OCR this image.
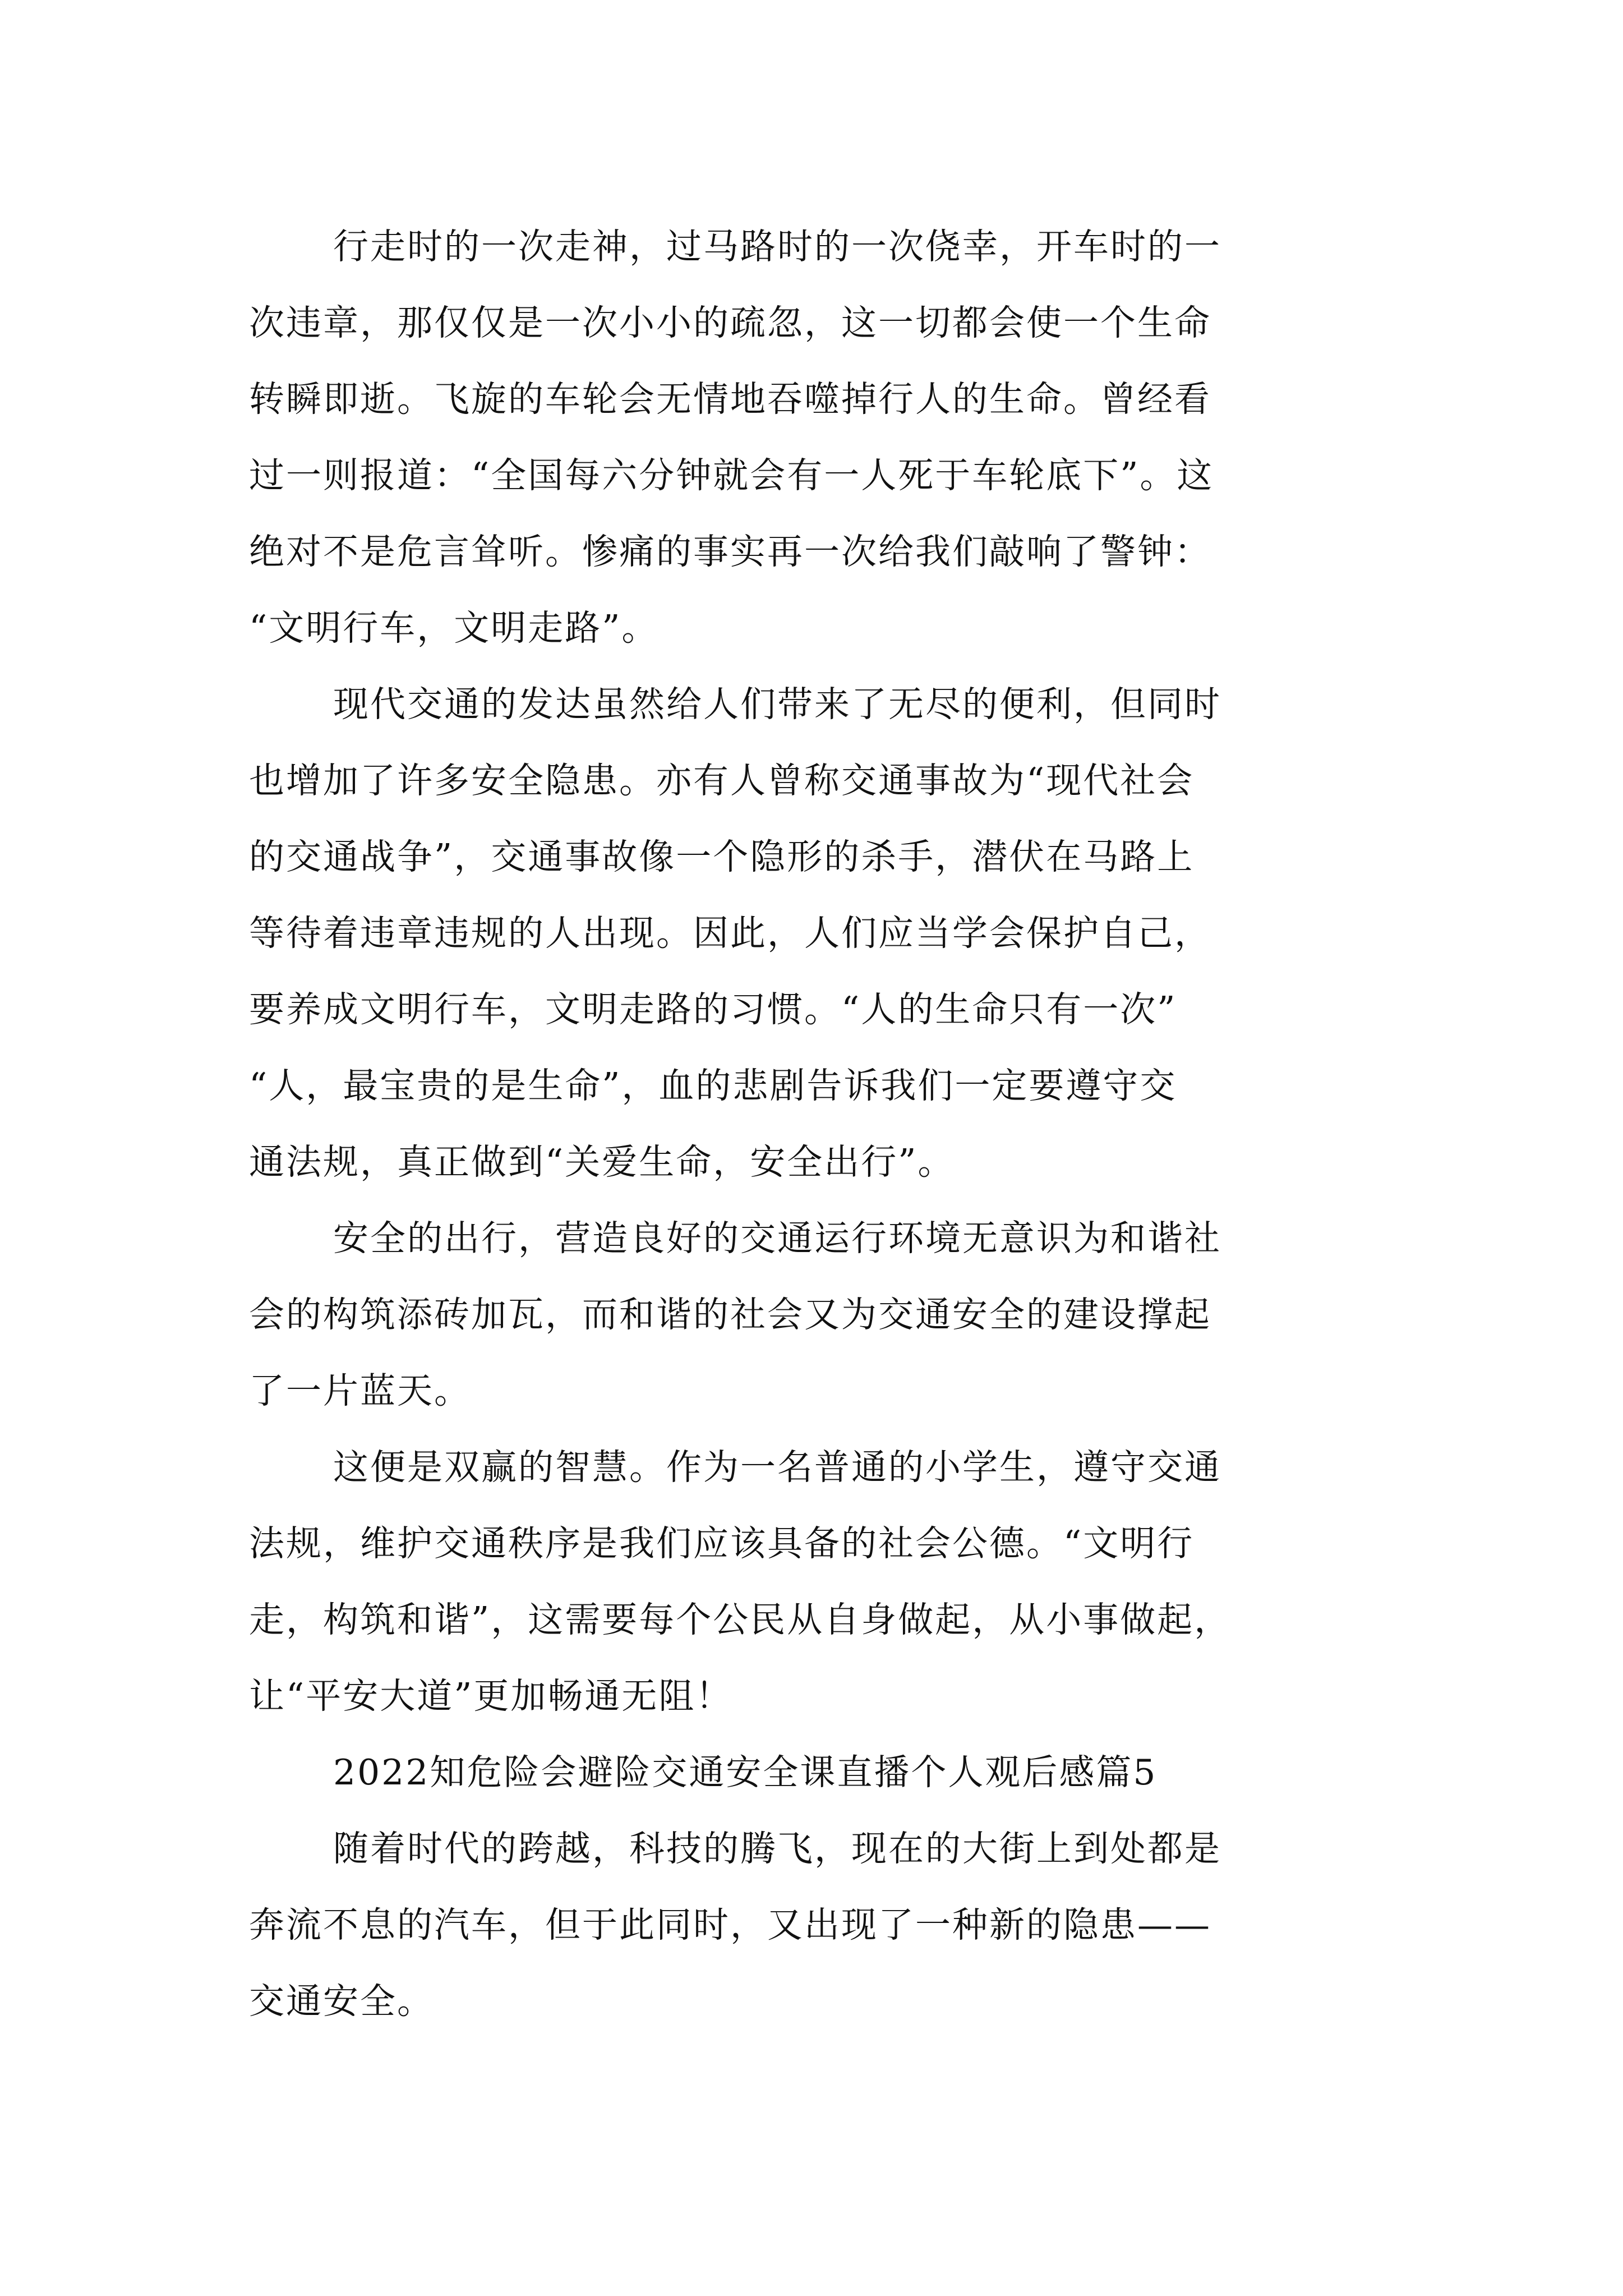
行走时的一次走神，过马路时的一次侥幸，开车时的一
次违章，那仅仅是一次小小的疏忽，这一切都会使一个生命
转瞬即逝。飞旋的车轮会无情地吞噬掉行人的生命。曾经看
过一则报道：“全国每六分钟就会有一人死于车轮底下”。这
绝对不是危言耸听。惨痛的事实再一次给我们敲响了警钟：
“文明行车，文明走路”。
现代交通的发达虽然给人们带来了无尽的便利，但同时
也增加了许多安全隐患。亦有人曾称交通事故为“现代社会
的交通战争”，交通事故像一个隐形的杀手，潜伏在马路上
等待着违章违规的人出现。因此，人们应当学会保护自己，
要养成文明行车，文明走路的习惯。“人的生命只有一次”
“人，最宝贵的是生命”，血的悲剧告诉我们一定要遵守交
通法规，真正做到“关爱生命，安全出行”。
安全的出行，营造良好的交通运行环境无意识为和谐社
会的构筑添砖加瓦，而和谐的社会又为交通安全的建设撑起
了一片蓝天。
这便是双赢的智慧。作为一名普通的小学生，遵守交通
法规，维护交通秩序是我们应该具备的社会公德。“文明行
走，构筑和谐”，这需要每个公民从自身做起，从小事做起，
让“平安大道”更加畅通无阻！
2022知危险会避险交通安全课直播个人观后感篇5
随着时代的跨越，科技的腾飞，现在的大街上到处都是
奔流不息的汽车，但于此同时，又出现了一种新的隐患——
交通安全。
